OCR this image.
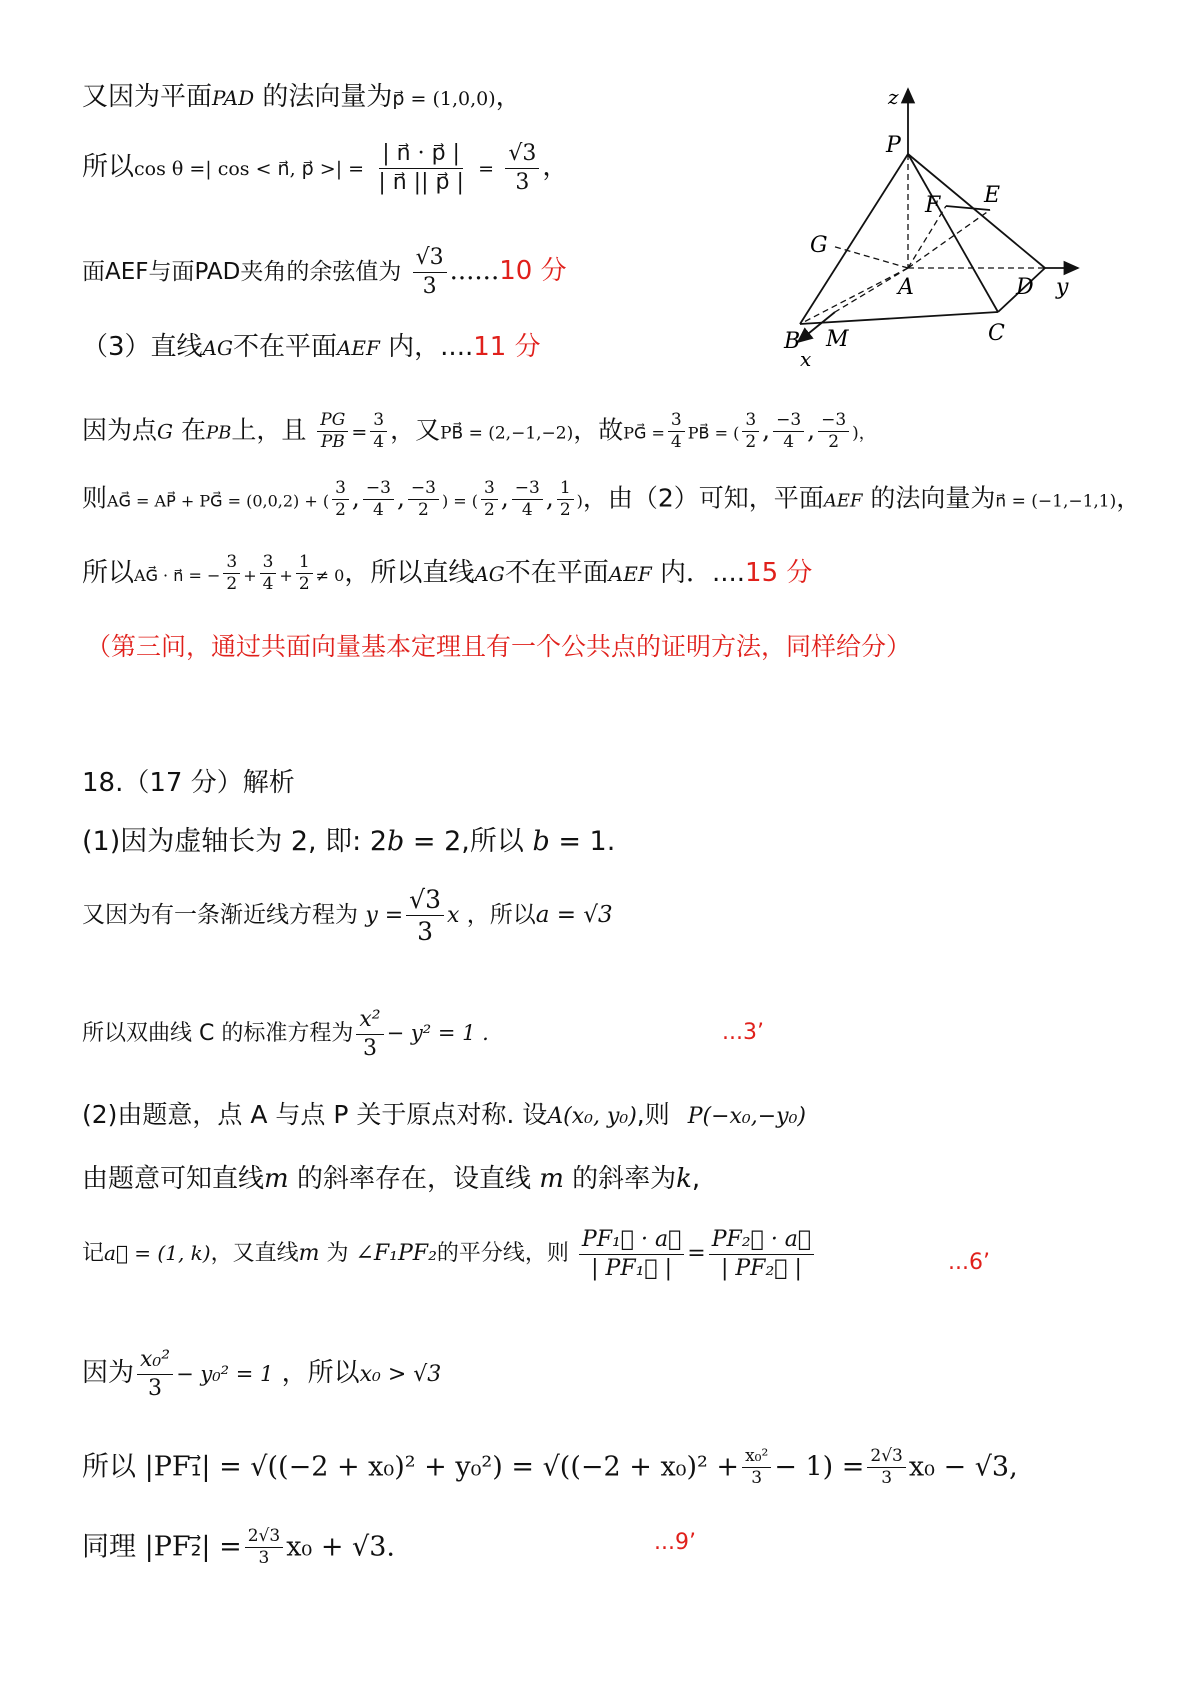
又因为平面PAD 的法向量为p⃗ = (1,0,0)，
所以cos θ =| cos < n⃗, p⃗ >| = $\frac{| n⃗ \cdot p⃗ |}{| n⃗ || p⃗ |} = \frac{√3}{3}$ ，
面AEF与面PAD夹角的余弦值为 $\frac{√3}{3} ......10$ 分
（3）直线AG不在平面AEF 内，....11 分
因为点G 在PB上，且 $\frac{PG}{PB} = \frac{3}{4}$ ，又PB⃗ = (2,−1,−2)，故PG⃗ = $\frac{3}{4}$ PB⃗ = ( $\frac{3}{2}$ , $\frac{-3}{4}$ , $\frac{-3}{2}$ )，
则AG⃗ = AP⃗ + PG⃗ = (0,0,2) + ( $\frac{3}{2}$ , $\frac{-3}{4}$ , $\frac{-3}{2}$ ) = ( $\frac{3}{2}$ , $\frac{-3}{4}$ , $\frac{1}{2}$ )，由（2）可知，平面AEF 的法向量为n⃗ = (−1,−1,1)，
所以AG⃗ · n⃗ = − $\frac{3}{2} + \frac{3}{4} + \frac{1}{2} \ne 0$，所以直线AG不在平面AEF 内．....15 分
（第三问，通过共面向量基本定理且有一个公共点的证明方法，同样给分）
z
y
x
P
F E
G
A	D
B M	C
18.（17 分）解析
(1)因为虚轴长为 2, 即: 2b = 2,所以 b = 1.
又因为有一条渐近线方程为 $y = \frac{√3}{3}$ x ，所以a = √3
所以双曲线 C 的标准方程为 $\frac{\text{x²}}{3} - y^2 = 1$ .	...3’
(2)由题意，点 A 与点 P 关于原点对称. 设A(x₀, y₀),则 P(−x₀,−y₀)
由题意可知直线m 的斜率存在，设直线 m 的斜率为k,
记a⃗ = (1, k)，又直线m 为 ∠F₁PF₂的平分线，则 $\frac{\text{PF₁⃗ · a⃗}}{\text{| PF₁⃗ |}} = \frac{\text{PF₂⃗ · a⃗}}{\text{| PF₂⃗ |}}$	...6’
因为 $\frac{\text{x₀²}}{3} - y_0^2 = 1$ ，所以x₀ > √3
所以 |PF₁⃗| = $√((-2 + x_0)^2 + y_0^2) = √((-2 + x_0)^2 + \frac{\text{x₀²}}{3} - 1) = \frac{2√3}{3} x_0 - √3$,
同理 |PF₂⃗| = $\frac{2√3}{3} x_0 + √3$.	...9’
